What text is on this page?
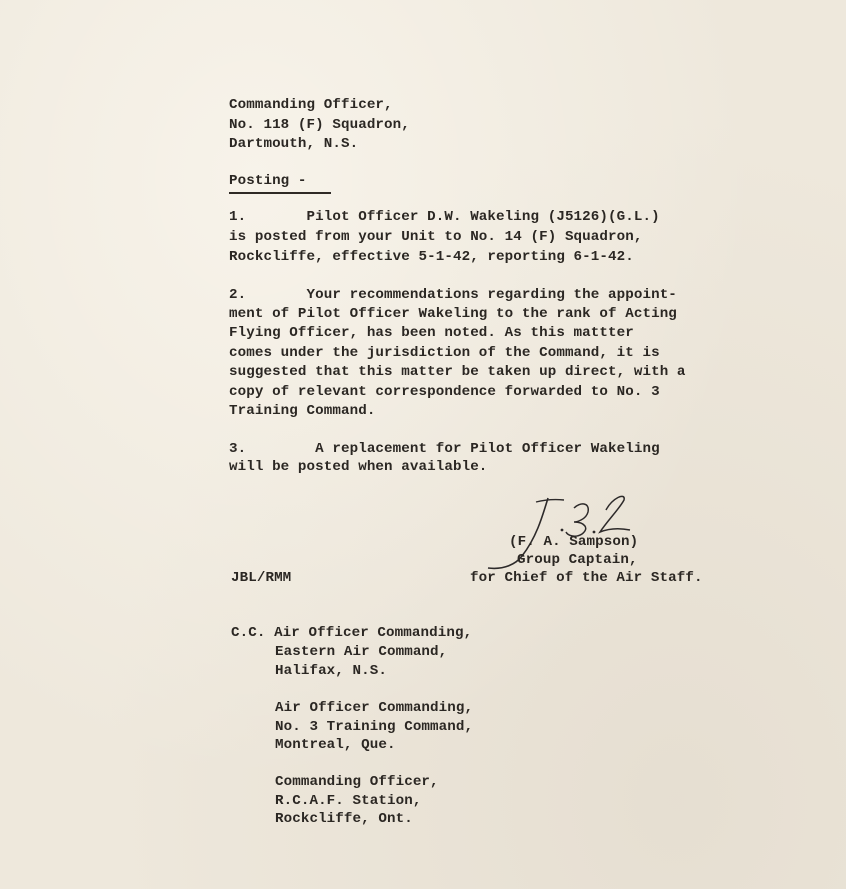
Commanding Officer,
No. 118 (F) Squadron,
Dartmouth, N.S.
Posting -
1.       Pilot Officer D.W. Wakeling (J5126)(G.L.)
is posted from your Unit to No. 14 (F) Squadron,
Rockcliffe, effective 5-1-42, reporting 6-1-42.
2.       Your recommendations regarding the appoint-
ment of Pilot Officer Wakeling to the rank of Acting
Flying Officer, has been noted. As this mattter
comes under the jurisdiction of the Command, it is
suggested that this matter be taken up direct, with a
copy of relevant correspondence forwarded to No. 3
Training Command.
3.        A replacement for Pilot Officer Wakeling
will be posted when available.
(F. A. Sampson)
Group Captain,
JBL/RMM	for Chief of the Air Staff.
C.C. Air Officer Commanding,
Eastern Air Command,
Halifax, N.S.
Air Officer Commanding,
No. 3 Training Command,
Montreal, Que.
Commanding Officer,
R.C.A.F. Station,
Rockcliffe, Ont.
